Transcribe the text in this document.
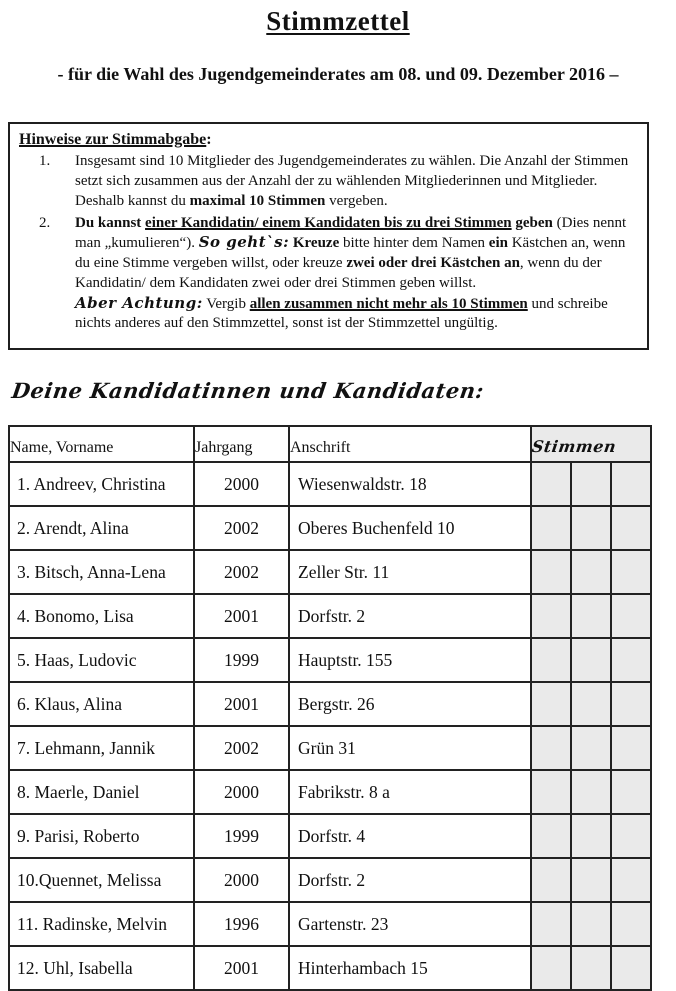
Stimmzettel
- für die Wahl des Jugendgemeinderates am 08. und 09. Dezember 2016 –
Hinweise zur Stimmabgabe:
1.	Insgesamt sind 10 Mitglieder des Jugendgemeinderates zu wählen. Die Anzahl der Stimmen setzt sich zusammen aus der Anzahl der zu wählenden Mitgliederinnen und Mitglieder. Deshalb kannst du maximal 10 Stimmen vergeben.
2.	Du kannst einer Kandidatin/ einem Kandidaten bis zu drei Stimmen geben (Dies nennt man „kumulieren“). So geht`s: Kreuze bitte hinter dem Namen ein Kästchen an, wenn du eine Stimme vergeben willst, oder kreuze zwei oder drei Kästchen an, wenn du der Kandidatin/ dem Kandidaten zwei oder drei Stimmen geben willst.
Aber Achtung: Vergib allen zusammen nicht mehr als 10 Stimmen und schreibe nichts anderes auf den Stimmzettel, sonst ist der Stimmzettel ungültig.
Deine Kandidatinnen und Kandidaten:
Name, Vorname	Jahrgang	Anschrift	Stimmen		
1. Andreev, Christina	2000	Wiesenwaldstr. 18			
2. Arendt, Alina	2002	Oberes Buchenfeld 10			
3. Bitsch, Anna-Lena	2002	Zeller Str. 11			
4. Bonomo, Lisa	2001	Dorfstr. 2			
5. Haas, Ludovic	1999	Hauptstr. 155			
6. Klaus, Alina	2001	Bergstr. 26			
7. Lehmann, Jannik	2002	Grün 31			
8. Maerle, Daniel	2000	Fabrikstr. 8 a			
9. Parisi, Roberto	1999	Dorfstr. 4			
10.Quennet, Melissa	2000	Dorfstr. 2			
11. Radinske, Melvin	1996	Gartenstr. 23			
12. Uhl, Isabella	2001	Hinterhambach 15			
